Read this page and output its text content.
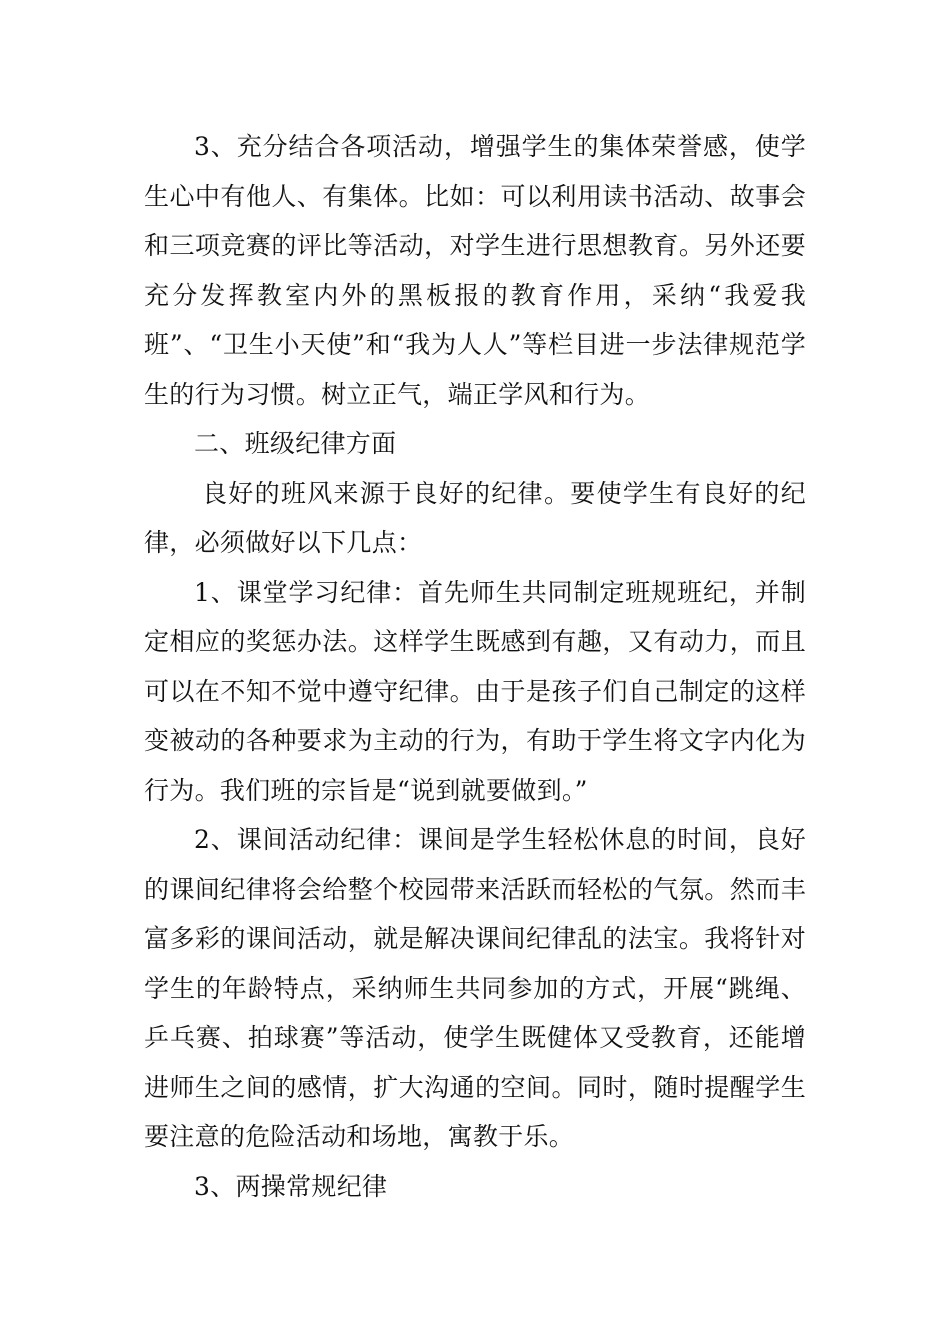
3、充分结合各项活动，增强学生的集体荣誉感，使学生心中有他人、有集体。比如：可以利用读书活动、故事会和三项竞赛的评比等活动，对学生进行思想教育。另外还要充分发挥教室内外的黑板报的教育作用，采纳“我爱我班”、“卫生小天使”和“我为人人”等栏目进一步法律规范学生的行为习惯。树立正气，端正学风和行为。

二、班级纪律方面

良好的班风来源于良好的纪律。要使学生有良好的纪律，必须做好以下几点：

1、课堂学习纪律：首先师生共同制定班规班纪，并制定相应的奖惩办法。这样学生既感到有趣，又有动力，而且可以在不知不觉中遵守纪律。由于是孩子们自己制定的这样变被动的各种要求为主动的行为，有助于学生将文字内化为行为。我们班的宗旨是“说到就要做到。”

2、课间活动纪律：课间是学生轻松休息的时间，良好的课间纪律将会给整个校园带来活跃而轻松的气氛。然而丰富多彩的课间活动，就是解决课间纪律乱的法宝。我将针对学生的年龄特点，采纳师生共同参加的方式，开展“跳绳、乒乓赛、拍球赛”等活动，使学生既健体又受教育，还能增进师生之间的感情，扩大沟通的空间。同时，随时提醒学生要注意的危险活动和场地，寓教于乐。

3、两操常规纪律
